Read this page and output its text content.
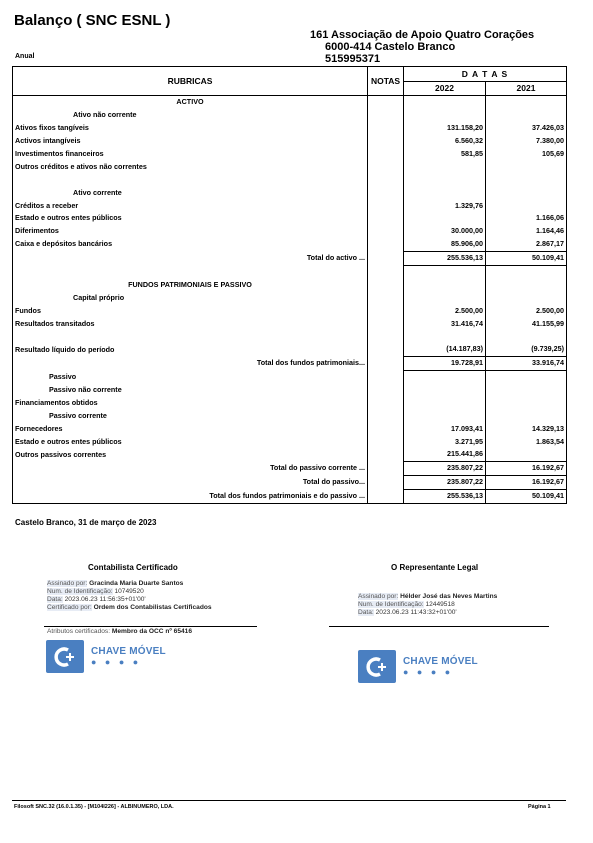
Balanço ( SNC ESNL )
161 Associação de Apoio Quatro Corações
6000-414 Castelo Branco
515995371
Anual
RUBRICAS	NOTAS	D A T A S	
		2022	2021
ACTIVO			
Ativo não corrente			
Ativos fixos tangíveis		131.158,20	37.426,03
Activos intangíveis		6.560,32	7.380,00
Investimentos financeiros		581,85	105,69
Outros créditos e ativos não correntes			

Ativo corrente			
Créditos a receber		1.329,76	
Estado e outros entes públicos			1.166,06
Diferimentos		30.000,00	1.164,46
Caixa e depósitos bancários		85.906,00	2.867,17
Total do activo ...		255.536,13	50.109,41

FUNDOS PATRIMONIAIS E PASSIVO			
Capital próprio			
Fundos		2.500,00	2.500,00
Resultados transitados		31.416,74	41.155,99

Resultado líquido do período		(14.187,83)	(9.739,25)
Total dos fundos patrimoniais...		19.728,91	33.916,74
Passivo			
Passivo não corrente			
Financiamentos obtidos			
Passivo corrente			
Fornecedores		17.093,41	14.329,13
Estado e outros entes públicos		3.271,95	1.863,54
Outros passivos correntes		215.441,86	
Total do passivo corrente ...		235.807,22	16.192,67
Total do passivo...		235.807,22	16.192,67
Total dos fundos patrimoniais e do passivo ...		255.536,13	50.109,41
Castelo Branco, 31 de março de 2023
Contabilista Certificado
Assinado por: Gracinda Maria Duarte Santos
Num. de Identificação: 10749520
Data: 2023.06.23 11:56:35+01'00'
Certificado por: Ordem dos Contabilistas Certificados
Atributos certificados: Membro da OCC nº 65416
CHAVE MÓVEL
● ● ● ●
O Representante Legal
Assinado por: Hélder José das Neves Martins
Num. de Identificação: 12449518
Data: 2023.06.23 11:43:32+01'00'
CHAVE MÓVEL
● ● ● ●
Filosoft SNC.32 (16.0.1.35) - [M104I226] - ALBINUMERO, LDA.	Página 1
